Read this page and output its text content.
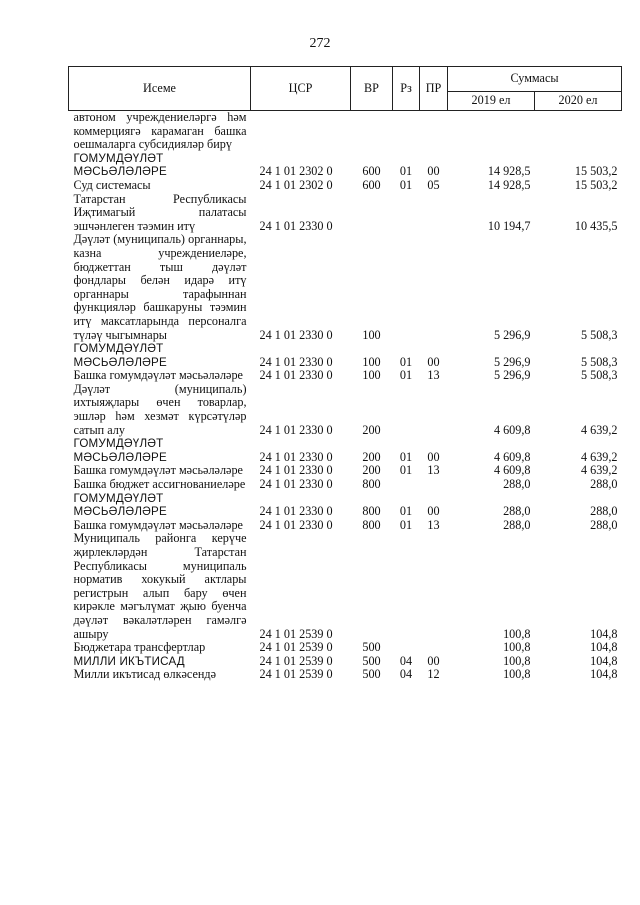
272
Исеме	ЦСР	ВР	Рз	ПР	Суммасы	
					2019 ел	2020 ел
автоном учреждениеләргә һәм коммерциягә карамаган башка оешмаларга субсидияләр бирү						
ГОМУМДӘҮЛӘТ МӘСЬӘЛӘЛӘРЕ	24 1 01 2302 0	600	01	00	14 928,5	15 503,2
Суд системасы	24 1 01 2302 0	600	01	05	14 928,5	15 503,2
Татарстан Республикасы Иҗтимагый палатасы эшчәнлеген тәэмин итү	24 1 01 2330 0				10 194,7	10 435,5
Дәүләт (муниципаль) органнары, казна учреждениеләре, бюджеттан тыш дәүләт фондлары белән идарә итү органнары тарафыннан функцияләр башкаруны тәэмин итү максатларында персоналга түләү чыгымнары	24 1 01 2330 0	100			5 296,9	5 508,3
ГОМУМДӘҮЛӘТ МӘСЬӘЛӘЛӘРЕ	24 1 01 2330 0	100	01	00	5 296,9	5 508,3
Башка гомумдәүләт мәсьәләләре	24 1 01 2330 0	100	01	13	5 296,9	5 508,3
Дәүләт (муниципаль) ихтыяҗлары өчен товарлар, эшләр һәм хезмәт күрсәтүләр сатып алу	24 1 01 2330 0	200			4 609,8	4 639,2
ГОМУМДӘҮЛӘТ МӘСЬӘЛӘЛӘРЕ	24 1 01 2330 0	200	01	00	4 609,8	4 639,2
Башка гомумдәүләт мәсьәләләре	24 1 01 2330 0	200	01	13	4 609,8	4 639,2
Башка бюджет ассигнованиеләре	24 1 01 2330 0	800			288,0	288,0
ГОМУМДӘҮЛӘТ МӘСЬӘЛӘЛӘРЕ	24 1 01 2330 0	800	01	00	288,0	288,0
Башка гомумдәүләт мәсьәләләре	24 1 01 2330 0	800	01	13	288,0	288,0
Муниципаль районга керүче җирлекләрдән Татарстан Республикасы муниципаль норматив хокукый актлары регистрын алып бару өчен кирәкле мәгълүмат җыю буенча дәүләт вәкаләтләрен гамәлгә ашыру	24 1 01 2539 0				100,8	104,8
Бюджетара трансфертлар	24 1 01 2539 0	500			100,8	104,8
МИЛЛИ ИКЪТИСАД	24 1 01 2539 0	500	04	00	100,8	104,8
Милли икътисад өлкәсендә	24 1 01 2539 0	500	04	12	100,8	104,8
